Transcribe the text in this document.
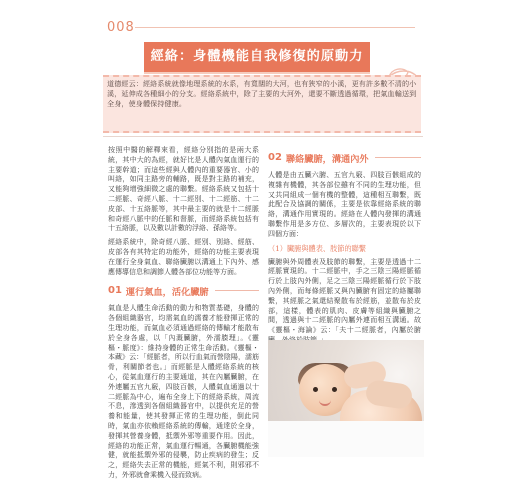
008
經絡：身體機能自我修復的原動力
道德經云：經絡系統就像地理系統的水系，有寬闊的大河，也有狹窄的小溪，更有許多數不清的小溪，延伸成各種細小的分支。經絡系統中，除了主要的大河外，還要不斷透過循環，把氣血輸送到全身，使身體保持健康。

按照中醫的解釋來看，經絡分別指的是兩大系統，其中大的為經，就好比是人體內氣血運行的主要幹道；而這些經與人體內的重要器官、小的叫絡，如同主路旁的輔路，既是對主路的補充，又能夠增強細微之處的聯繫。經絡系統又包括十二經脈、奇經八脈、十二經別、十二經筋、十二皮部、十五絡脈等，其中最主要的就是十二經脈和奇經八脈中的任脈和督脈，而經絡系統包括有十五絡脈，以及數以計數的浮絡、孫絡等。

經絡系統中，除奇經八脈、經別、別絡、經筋、皮部各有其特定的功能外，經絡的功能主要表現在運行全身氣血、聯絡臟腑以溝通上下內外、感應傳導信息和調節人體各部位功能等方面。

01 運行氣血，活化臟腑

氣血是人體生命活動的動力和物質基礎，身體的各個組織器官，均需氣血的濡養才能發揮正常的生理功能，而氣血必須通過經絡的傳輸才能散布於全身各處，以「內溉臟腑，外濡腠理」。《靈樞・脈度》：維持身體的正常生命活動。《靈樞・本藏》云：「經脈者，所以行血氣而營陰陽，濡筋骨，利關節者也。」而經脈是人體經絡系統的核心，從氣血運行的主要通道，其在內屬臟腑，在外連屬五官九竅，四肢百骸，人體氣血通過以十二經脈為中心，遍布全身上下的經絡系統，周流不息，滲透到各個組織器官中，以提供充足的營養和能量，使其發揮正常的生理功能，倒此同時，氣血亦依賴經絡系統的傳輸，通達於全身，發揮其營養身體，抵禦外邪等重要作用。因此，經絡的功能正常，氣血運行暢通，各臟腑機能強健，就能抵禦外邪的侵襲，防止疾病的發生；反之，經絡失去正常的機能，經氣不利，則邪邪不力，外邪就會乘機入侵而致病。

02 聯絡臟腑，溝通內外

人體是由五臟六腑、五官九竅、四肢百骸組成的複雜有機體，其各部位雖有不同的生理功能，但又共同組成一個有機的整體，這種相互聯繫，既此配合及協調的關係，主要是依靠經絡系統的聯絡，溝通作用實現的。經絡在人體內發揮的溝通聯繫作用是多方位、多層次的，主要表現於以下四個方面：

（1）臟腑與體表、肢節的聯繫

臟腑與外周體表及肢節的聯繫，主要是透過十二經脈實現的。十二經脈中，手之三陰三陽經脈循行於上肢內外側，足之三陰三陽經脈循行於下肢內外側，而每條經脈又與內臟腑有固定的絡屬聯繫，其經脈之氣還結聚散布於經筋，並散布於皮部，這樣，體表的肌肉、皮膚等組織與臟腑之間，透過與十二經脈的內屬外連而相互溝通。故《靈樞・海論》云：「夫十二經脈者，內屬於腑
